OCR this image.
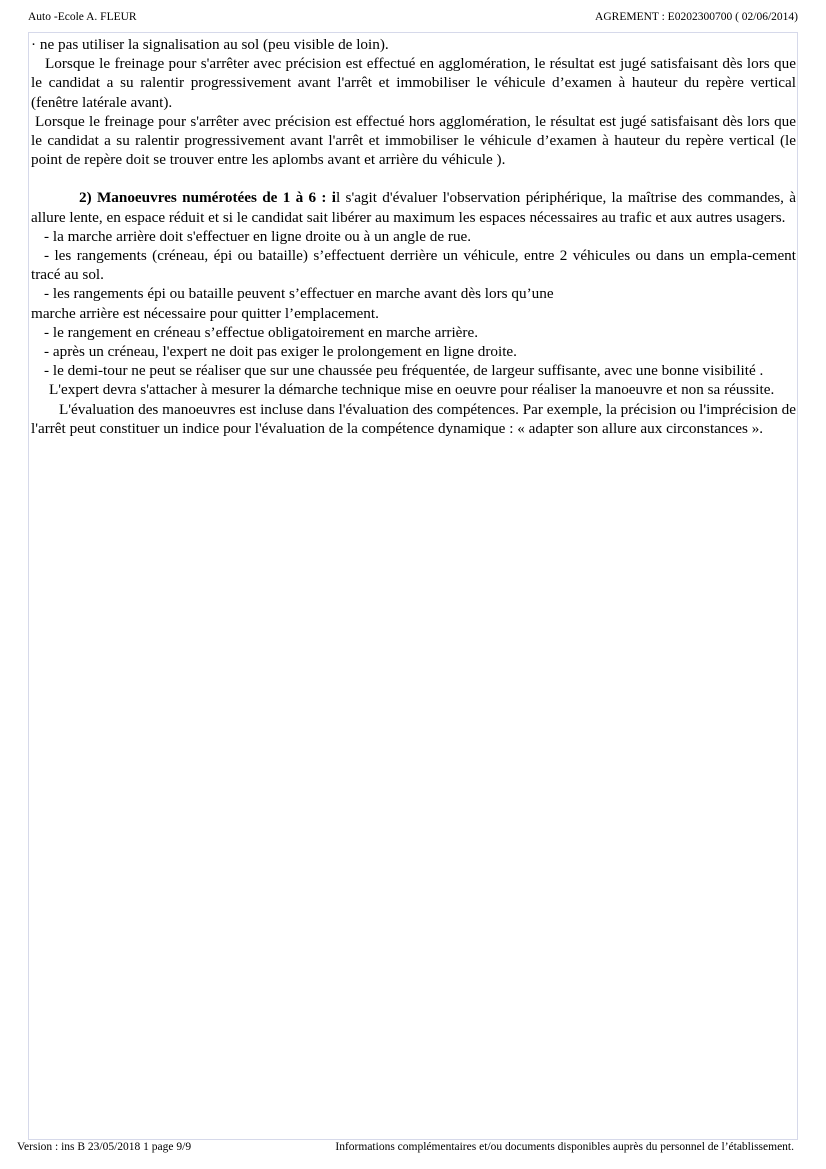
Auto -Ecole A. FLEUR	AGREMENT : E0202300700 ( 02/06/2014)

· ne pas utiliser la signalisation au sol (peu visible de loin).

Lorsque le freinage pour s'arrêter avec précision est effectué en agglomération, le résultat est jugé satisfaisant dès lors que le candidat a su ralentir progressivement avant l'arrêt et immobiliser le véhicule d’examen à hauteur du repère vertical (fenêtre latérale avant).

Lorsque le freinage pour s'arrêter avec précision est effectué hors agglomération, le résultat est jugé satisfaisant dès lors que le candidat a su ralentir progressivement avant l'arrêt et immobiliser le véhicule d’examen à hauteur du repère vertical (le point de repère doit se trouver entre les aplombs avant et arrière du véhicule ).

2) Manoeuvres numérotées de 1 à 6 : il s'agit d'évaluer l'observation périphérique, la maîtrise des commandes, à allure lente, en espace réduit et si le candidat sait libérer au maximum les espaces nécessaires au trafic et aux autres usagers.

- la marche arrière doit s'effectuer en ligne droite ou à un angle de rue.

- les rangements (créneau, épi ou bataille) s’effectuent derrière un véhicule, entre 2 véhicules ou dans un empla-cement tracé au sol.

- les rangements épi ou bataille peuvent s’effectuer en marche avant dès lors qu’une

marche arrière est nécessaire pour quitter l’emplacement.

- le rangement en créneau s’effectue obligatoirement en marche arrière.

- après un créneau, l'expert ne doit pas exiger le prolongement en ligne droite.

- le demi-tour ne peut se réaliser que sur une chaussée peu fréquentée, de largeur suffisante, avec une bonne visibilité .

L'expert devra s'attacher à mesurer la démarche technique mise en oeuvre pour réaliser la manoeuvre et non sa réussite.

L'évaluation des manoeuvres est incluse dans l'évaluation des compétences. Par exemple, la précision ou l'imprécision de l'arrêt peut constituer un indice pour l'évaluation de la compétence dynamique : « adapter son allure aux circonstances ».

Version : ins B 23/05/2018 1 page 9/9	Informations complémentaires et/ou documents disponibles auprès du personnel de l’établissement.
